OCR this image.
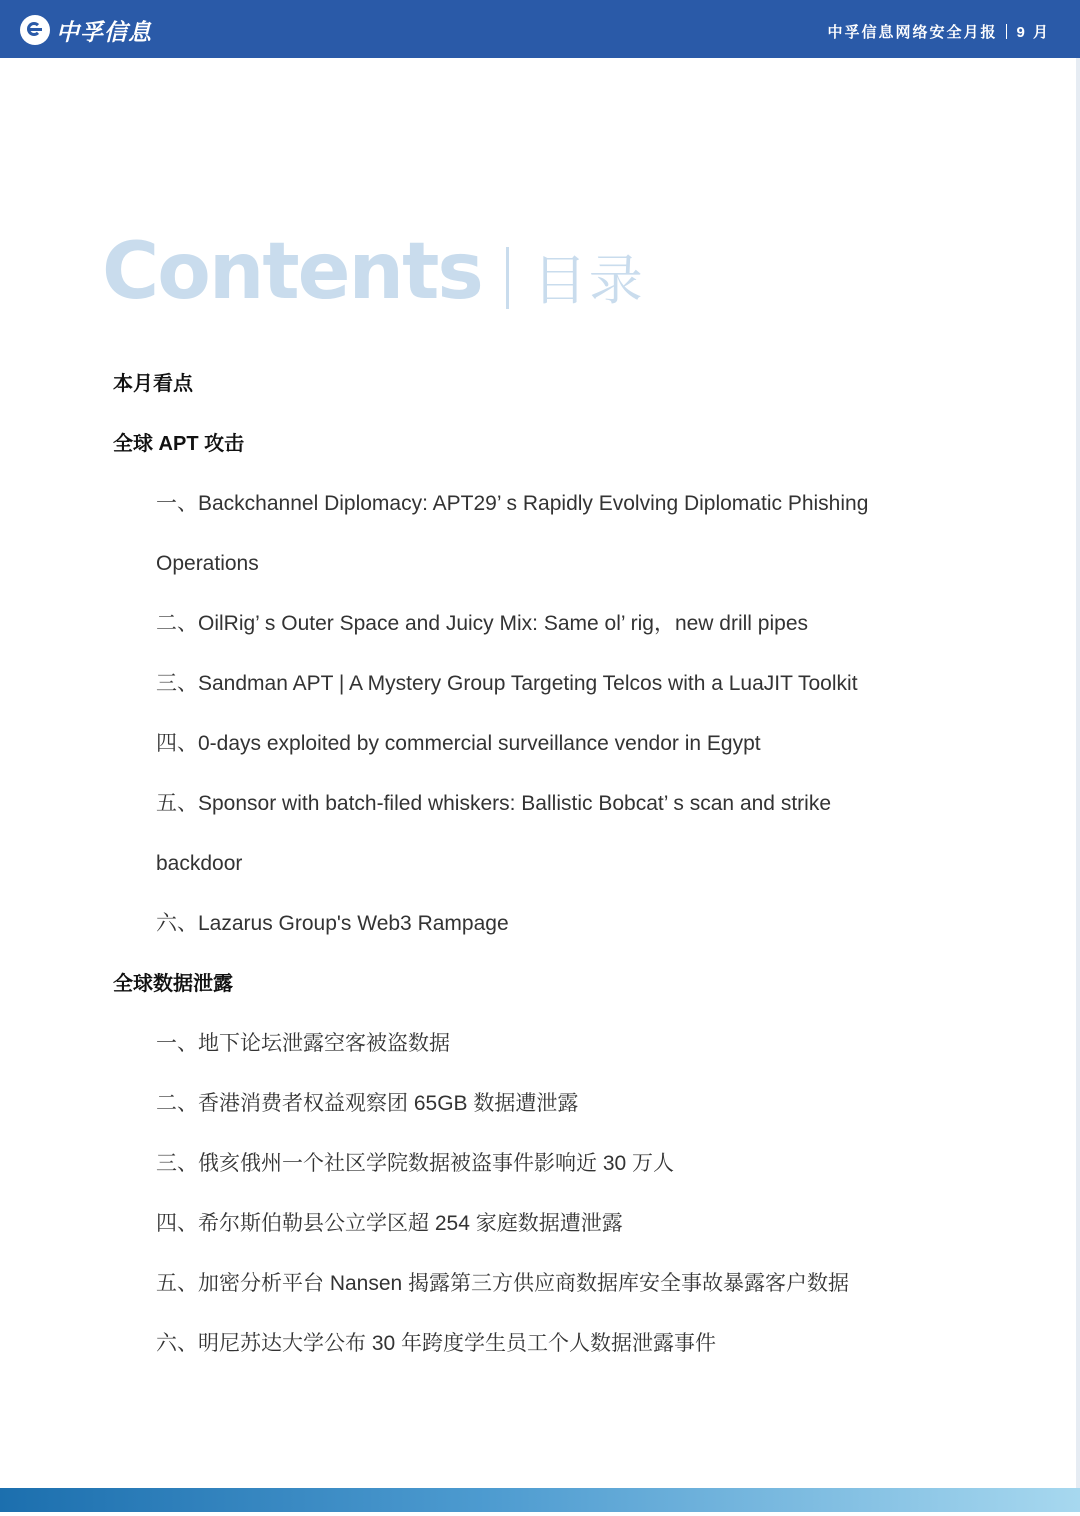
中孚信息	中孚信息网络安全月报 9 月
Contents 目录
本月看点
全球 APT 攻击
一、Backchannel Diplomacy: APT29’ s Rapidly Evolving Diplomatic Phishing
Operations
二、OilRig’ s Outer Space and Juicy Mix: Same ol’ rig，new drill pipes
三、Sandman APT | A Mystery Group Targeting Telcos with a LuaJIT Toolkit
四、0-days exploited by commercial surveillance vendor in Egypt
五、Sponsor with batch-filed whiskers: Ballistic Bobcat’ s scan and strike
backdoor
六、Lazarus Group's Web3 Rampage
全球数据泄露
一、地下论坛泄露空客被盗数据
二、香港消费者权益观察团 65GB 数据遭泄露
三、俄亥俄州一个社区学院数据被盗事件影响近 30 万人
四、希尔斯伯勒县公立学区超 254 家庭数据遭泄露
五、加密分析平台 Nansen 揭露第三方供应商数据库安全事故暴露客户数据
六、明尼苏达大学公布 30 年跨度学生员工个人数据泄露事件
